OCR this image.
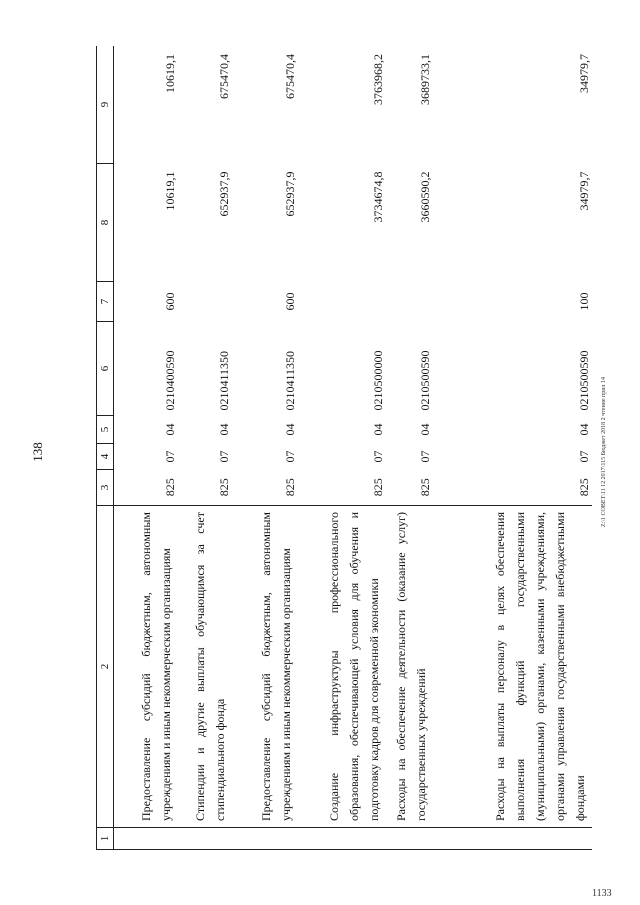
138	Z:\1 СОВЕТ\11 12 2017\115 Бюджет 2018 2 чтение прил 14
1133
1	2	3	4	5	6	7	8	9
	Предоставление субсидий бюджетным, автономным учреждениям и иным некоммерческим организациям	825	07	04	0210400590	600	10619,1	10619,1
	Стипендии и другие выплаты обучающимся за счет стипендиального фонда	825	07	04	0210411350		652937,9	675470,4
	Предоставление субсидий бюджетным, автономным учреждениям и иным некоммерческим организациям	825	07	04	0210411350	600	652937,9	675470,4
	Создание инфраструктуры профессионального образования, обеспечивающей условия для обучения и подготовку кадров для современной экономики	825	07	04	0210500000		3734674,8	3763968,2
	Расходы на обеспечение деятельности (оказание услуг) государственных учреждений	825	07	04	0210500590		3660590,2	3689733,1
	Расходы на выплаты персоналу в целях обеспечения выполнения функций государственными (муниципальными) органами, казенными учреждениями, органами управления государственными внебюджетными фондами	825	07	04	0210500590	100	34979,7	34979,7
